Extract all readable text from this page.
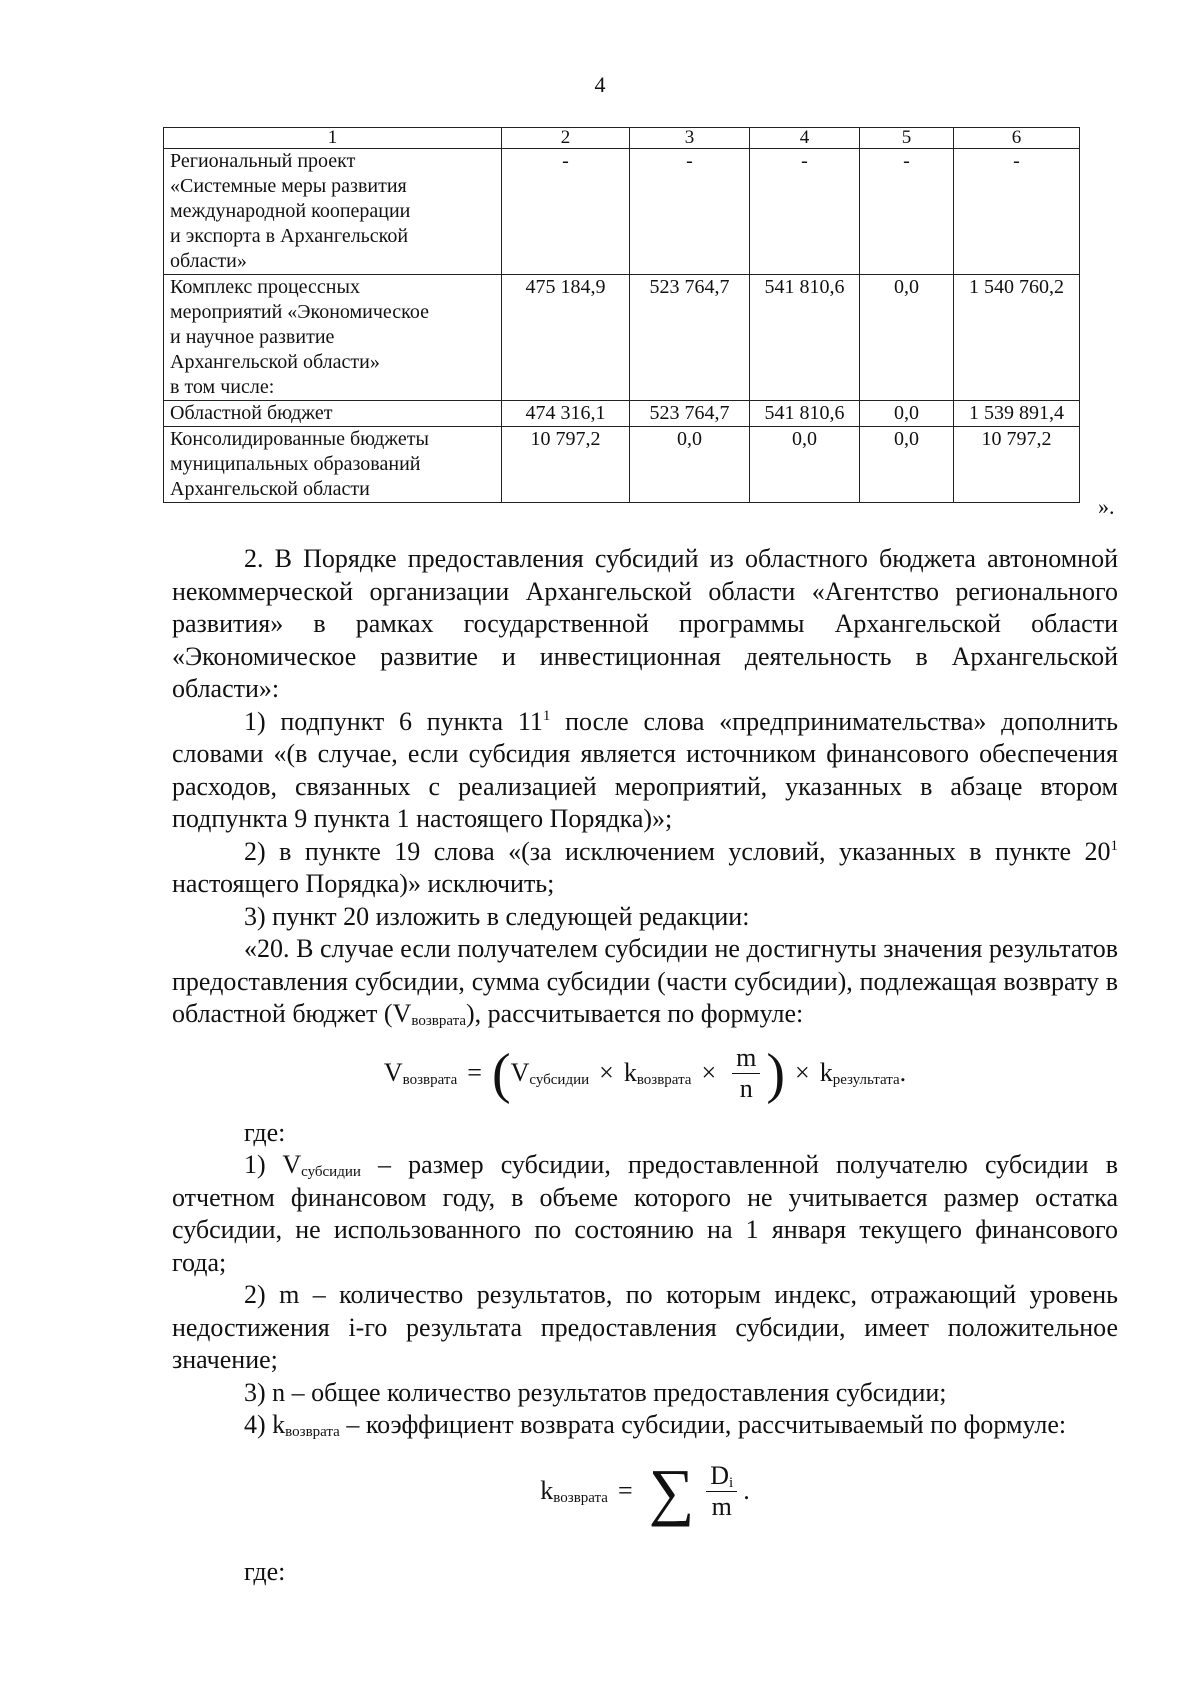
4
1	2	3	4	5	6

Региональный проект
«Системные меры развития
международной кооперации
и экспорта в Архангельской
области»	-	-	-	-	-

Комплекс процессных
мероприятий «Экономическое
и научное развитие
Архангельской области»
в том числе:	475 184,9	523 764,7	541 810,6	0,0	1 540 760,2

Областной бюджет	474 316,1	523 764,7	541 810,6	0,0	1 539 891,4

Консолидированные бюджеты
муниципальных образований
Архангельской области	10 797,2	0,0	0,0	0,0	10 797,2
».

2. В Порядке предоставления субсидий из областного бюджета автономной некоммерческой организации Архангельской области «Агентство регионального развития» в рамках государственной программы Архангельской области «Экономическое развитие и инвестиционная деятельность в Архангельской области»:

1) подпункт 6 пункта $11^1$ после слова «предпринимательства» дополнить словами «(в случае, если субсидия является источником финансового обеспечения расходов, связанных с реализацией мероприятий, указанных в абзаце втором подпункта 9 пункта 1 настоящего Порядка)»;

2) в пункте 19 слова «(за исключением условий, указанных в пункте $20^1$ настоящего Порядка)» исключить;

3) пункт 20 изложить в следующей редакции:

«20. В случае если получателем субсидии не достигнуты значения результатов предоставления субсидии, сумма субсидии (части субсидии), подлежащая возврату в областной бюджет $(V_{возврата})$, рассчитывается по формуле:

$V_{возврата}$ = ( $V_{субсидии} \times k_{возврата} \times \frac{m}{n}$ ) × $k_{результата}$ .

где:

1) $V_{субсидии}$ – размер субсидии, предоставленной получателю субсидии в отчетном финансовом году, в объеме которого не учитывается размер остатка субсидии, не использованного по состоянию на 1 января текущего финансового года;

2) m – количество результатов, по которым индекс, отражающий уровень недостижения i-го результата предоставления субсидии, имеет положительное значение;

3) n – общее количество результатов предоставления субсидии;

4) $k_{возврата}$ – коэффициент возврата субсидии, рассчитываемый по формуле:

$k_{возврата}$ = ∑ $\frac{D_i}{m}$ .

где:
